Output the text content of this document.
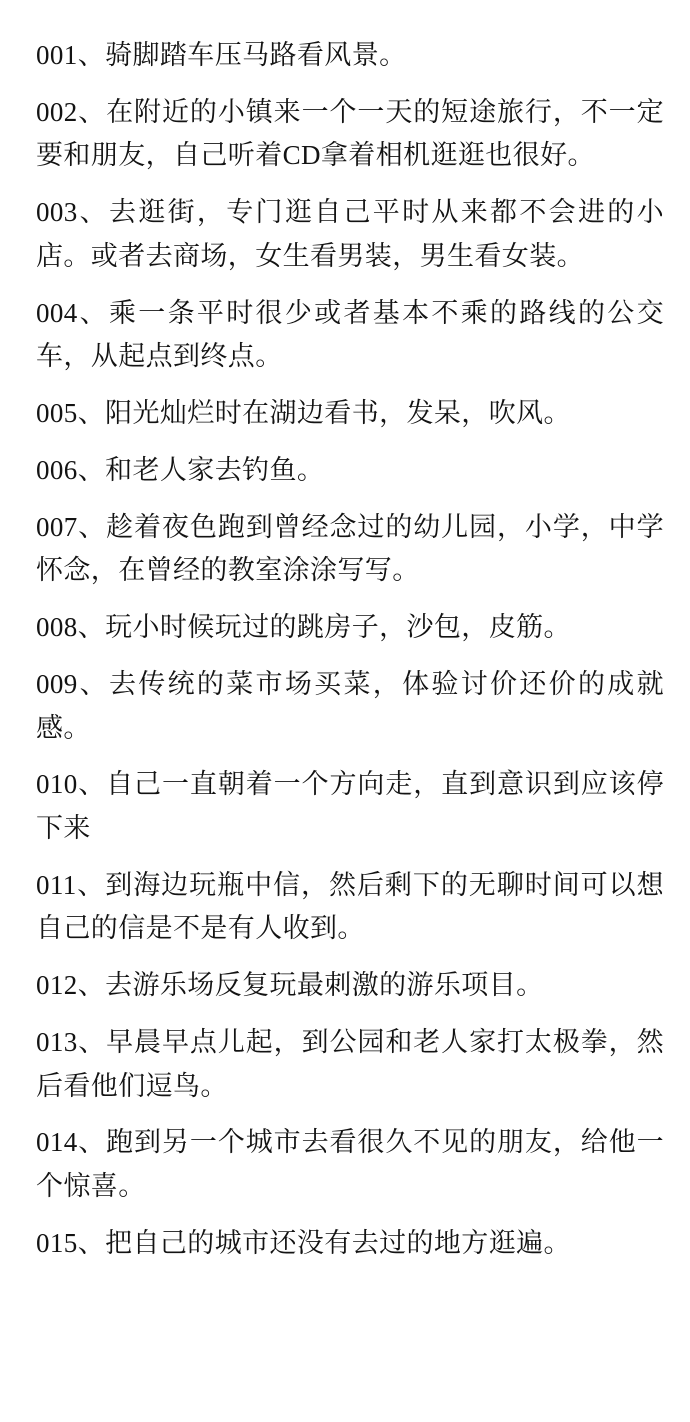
001、骑脚踏车压马路看风景。

002、在附近的小镇来一个一天的短途旅行，不一定要和朋友，自己听着CD拿着相机逛逛也很好。

003、去逛街，专门逛自己平时从来都不会进的小店。或者去商场，女生看男装，男生看女装。

004、乘一条平时很少或者基本不乘的路线的公交车，从起点到终点。

005、阳光灿烂时在湖边看书，发呆，吹风。

006、和老人家去钓鱼。

007、趁着夜色跑到曾经念过的幼儿园，小学，中学怀念，在曾经的教室涂涂写写。

008、玩小时候玩过的跳房子，沙包，皮筋。

009、去传统的菜市场买菜，体验讨价还价的成就感。

010、自己一直朝着一个方向走，直到意识到应该停下来

011、到海边玩瓶中信，然后剩下的无聊时间可以想自己的信是不是有人收到。

012、去游乐场反复玩最刺激的游乐项目。

013、早晨早点儿起，到公园和老人家打太极拳，然后看他们逗鸟。

014、跑到另一个城市去看很久不见的朋友，给他一个惊喜。

015、把自己的城市还没有去过的地方逛遍。
